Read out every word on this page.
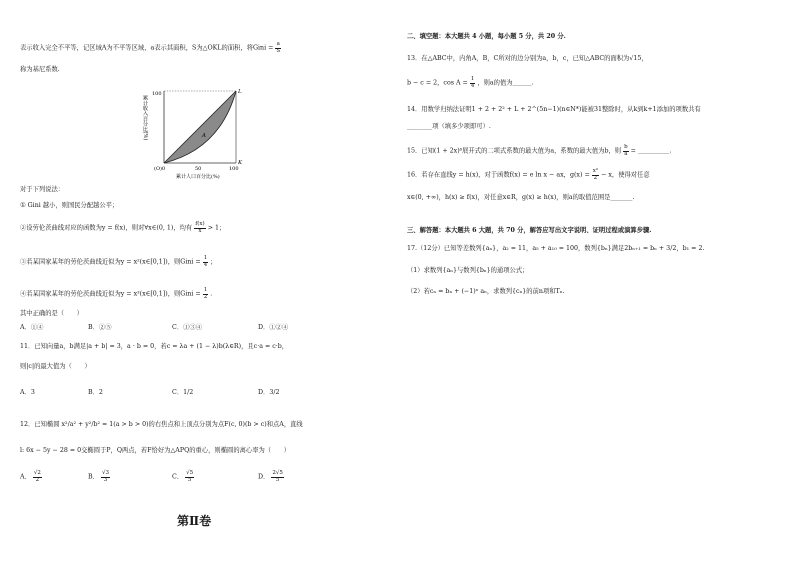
表示收入完全不平等，记区域A为不平等区域，a表示其面积，S为△OKL的面积，将Gini = $\frac{a}{S}$
称为基尼系数.
累计收入百分比(%)
100
(O)0	50	100
L
K
A
累计人口百分比(%)
对于下列说法：
① Gini 越小，则国民分配越公平；
②设劳伦茨曲线对应的函数为y = f(x)，则对∀x∈(0, 1)，均有 $\frac{f(x)}{x} > 1$；
③若某国家某年的劳伦茨曲线近似为y = x²(x∈[0,1])，则Gini = $\frac{1}{4}$ ；
④若某国家某年的劳伦茨曲线近似为y = x³(x∈[0,1])，则Gini = $\frac{1}{2}$ .
其中正确的是（　　）
A．①④	B．②⑤	C．①③④	D．①②④
11．已知向量a，b满足|a + b| = 3，a · b = 0，若c = λa + (1 − λ)b(λ∈R)，且c·a = c·b，
则|c|的最大值为（　　）
A．3	B．2	C．1/2	D．3/2
12．已知椭圆 x²/a² + y²/b² = 1(a > b > 0)的右焦点和上顶点分别为点F(c, 0)(b > c)和点A，直线
l: 6x − 5y − 28 = 0交椭圆于P，Q两点，若F恰好为△APQ的重心，则椭圆的离心率为（　　）
A． $\frac{√2}{2}$	B． $\frac{√3}{3}$	C． $\frac{√5}{5}$	D． $\frac{2√5}{5}$
第Ⅱ卷
二、填空题：本大题共 4 小题，每小题 5 分，共 20 分.
13．在△ABC中，内角A，B，C所对的边分别为a，b，c，已知△ABC的面积为√15，
b − c = 2，$\cos A = \frac{1}{4}$ ，则a的值为______.
14．用数学归纳法证明1 + 2 + 2² + L + 2^(5n−1)(n∈N*)能被31整除时，从k到k+1添加的项数共有
________项（填多少项即可）.
15．已知(1 + 2x)⁶展开式的二项式系数的最大值为a，系数的最大值为b，则 $\frac{b}{a}$ = __________.
16．若存在直线y = h(x)，对于函数f(x) = e ln x − ax，$g(x) = \frac{\text{x²}}{2} - x$，使得对任意
x∈(0, +∞)，h(x) ≥ f(x)，对任意x∈R，g(x) ≥ h(x)，则a的取值范围是_______.
三、解答题：本大题共 6 大题，共 70 分，解答应写出文字说明、证明过程或演算步骤.
17.（12分）已知等差数列{aₙ}，a₂ = 11，a₅ + a₁₀ = 100，数列{bₙ}满足2bₙ₊₁ = bₙ + 3/2，b₁ = 2.
（1）求数列{aₙ}与数列{bₙ}的通项公式；
（2）若cₙ = bₙ + (−1)ⁿ aₙ，求数列{cₙ}的前n项和Tₙ.
